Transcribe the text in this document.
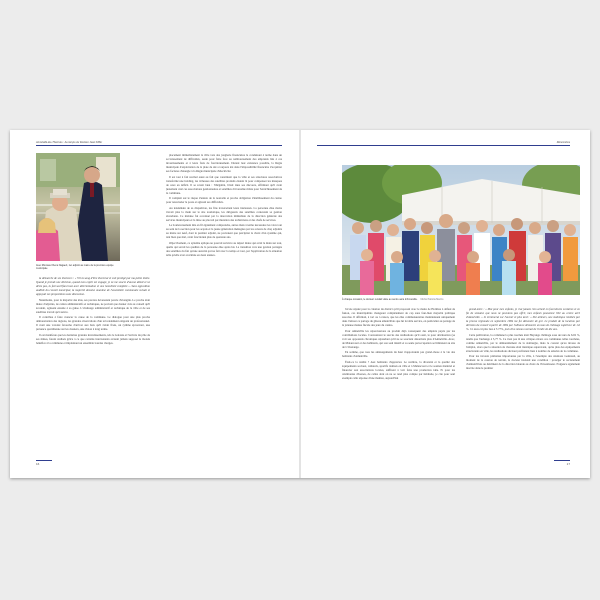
Amnéville-les-Thermes : Au temps du Docteur Jean Kiffer
Avec Monsieur René Nagaert, 1er adjoint au maire de la première équipe municipale

la démarche de ses électeurs : « S'il la sang d'être électoral et voit protégé par ma petite étoile. Quand je prends une décision, quand mon esprit est engagé, je ne me soucie d'aucun détail et ne dévie pas, tu fait sacrifiant tout avec détermination et une honnêteté complète ». Sans opposition audible du conseil municipal, la majorité absolue unanime de l'assemblée communale suivait et appuyait ses propositions sans discussion.

Néanmoins, pour la majorité des élus, ses paroles devenaient parole d'évangile. Le proche était maire d'adjoints, de cadres administratifs et techniques, ne pouvait que donner avis au conseil qu'il écoutait, agissant ensuite à sa guise. L'obstinage administratif et technique de la ville et de ses satellites n'avait qu'à suivre.

Il contribua à faire avancer la cause de la commune. Le dialogue pour une plus proche démonstration des régions, les grandes observations d'un tel rendement exigeant un professionnel. Il avait une volonté farouche d'arriver aux buts qu'il s'était fixés, un rythme éprouvant, une présence quotidienne sur les dossiers, une vision à long terme.

Il est manifeste que les dernières grandes investissements, tels le Galaxie et l'arrivée du pôle de ses mines, furent réalisés grâce à ce que certains intervenants avaient jamais supposé le monde bénéfice à la commune et implantant un ensemble lourdes charges.

placement immédiatement la ville vers des jonglerie financières la conduisant à terme dans un accroissement de difficultés, seule pour faire face au remboursement des emprunts liés à ces investissements et à leurs frais de fonctionnement. Durant leur existence possible, la Régie municipale d'exploitation de la plate de ski a toujours été dans l'impossibilité financière d'acquitter ses factures d'énergie à la Régie municipale d'électricité.

Il est tout à fait normal aussi au fait que constituait que la ville et ses structures associatives transformé une holding, les richesses des satellites produits étaient là pour compenser les manques de ceux en déficit. Il se savait bien : l'illégalité, l'était dans ses discours, affirmant qu'il avait justement créé ces associations gestionnaires et satellites d'économie mixte pour l'enrichissement de la commune.

Il comptait sur le risque d'entrée de la nouvelle et proche obligation d'établissement du casino pour renouveler le poste et agissait ses difficultés.

Au lendemain de sa disparition, les fins traversèrent leurs intéressés. La personne élue maire n'avait plus la main sur le site touristique, les dirigeants des satellites contestant sa gestion abondante. Ce malaise fut accentué par la rénovation immédiate de la direction générale des services municipaux et la mise au placard par mutation des techniciens et des chefs de services.

Le bouleversement mis en fil également comprendre, autres mais à terme nécessaire les vécu tout au sein de la section pour les acquis et la jeune génération ménagées par les acteurs de cinq adjoints au maire sur neuf, dont le premier adjoint, ne pouvaient que précipiter le choix d'un système qui, tant bien que mal, avait fonctionné plus de quarante ans.

Objectivement, ce système apliqua ne pouvait survivre au départ maire qui avait la main sur tout, quelle qui savait les qualités de la personne élue après lui. La transition vers une gestion partagée des satellites du fait qu'une autorité qui ne fait avec la tempo et tout, par l'application de la situation telle qu'elle s'est accélérée en deux années.

16
Rencontres
À chaque occasion, le docteur rendait visite au centre aéré d'Amnéville. Cliché Patricia Mazzo

l'école réputé pour la création du district qu'il proposait avec le maire de Hombas à défaut de fusion, ces municipalités changeant complètement de cap sans faut-bien majorité politique associée. Il affirmait, à tort ou à raison, que les élus communautaires maintiennent uniquement dans l'amour ce partage du gâteau amnévillois que lui la table service, en particulier au partage de la jatteuse manne fiscale des jeux du casino.

Pour Amnéville les répercussions au produit déjà conséquent des emplois payés par les contributions locales. Contournant le succès des réalisations qu'il osait, le pour dévaluation (se voir ses opposants chroniques répandant qu'il ne se soucient désormais plus d'Amnéville. Avec, de Malancourt et des habitants, qui son seul intérêt et sa seule préoccupation se limitaient au site de L'Oostange.

En somme, que tous les aménagements du haut n'apportaient pas grand-chose à la vie des habitants d'Amnéville.

Était-ce la réalité ? Aux habitants d'apprécier. Le nombre, la diversité et la qualité des équipements sociaux, culturels, sportifs réalisés en ville et à Malancourt et le soutien matériel et financier aux associations locales, suffirent à voir faire une promotion idée. Et pour les cérémonies diverses, de celles dont on ne se rend plus compte par habitude, je cite pour seul exemple celle réponse d'une maman, aujourd'hui

grand-mère : « Moi pour mes enfants, je n'ai jamais rien acheté en fournitures scolaires et en fin de semaine que nous ne pouvions pas offrir, mes enfants pouvaient l'été au centre aéré d'Amnéville. » Je terminerai sur l'avenir et plus tard : « Par ailleurs, une statistique réalisée par la preuve régionale en septembre 1984 me fut démontre de gré. Le produit de la location par décision du conseil à partir de 1984 par l'alliance démontre un taux de chômage supérieur de 1.6 %. Ce taux est plus bas à 5.77%, puis d'un niveau normal de l'ordre de dix ans.

Cette publication, la commune la plus touchée était Hayange chômage sous un taux de 6.02 %, tandis que l'aubange à 5,77 %. Ce n'est pas là une critique envers ces communes telles touchées, comme Amnéville, par le démantèlement de la sidérurgie, mais le constat qu'au niveau de l'emploi, alors que la situation de chacune était identique auparavant, qu'au plus des équipements structurants en ville, les réalisations du haut profitaient bien à nombre de salariés de la commune.

Pour les travaux primaires importantes par la ville, à l'exemple des réunions Gainrand, au moment de la cession de terrain, le docteur insistait une condition : protéger le recrutement d'Amnévillois au détriment de la direction lalande au choix de l'investisseur. Exigence également inscrite dans le premier

17
